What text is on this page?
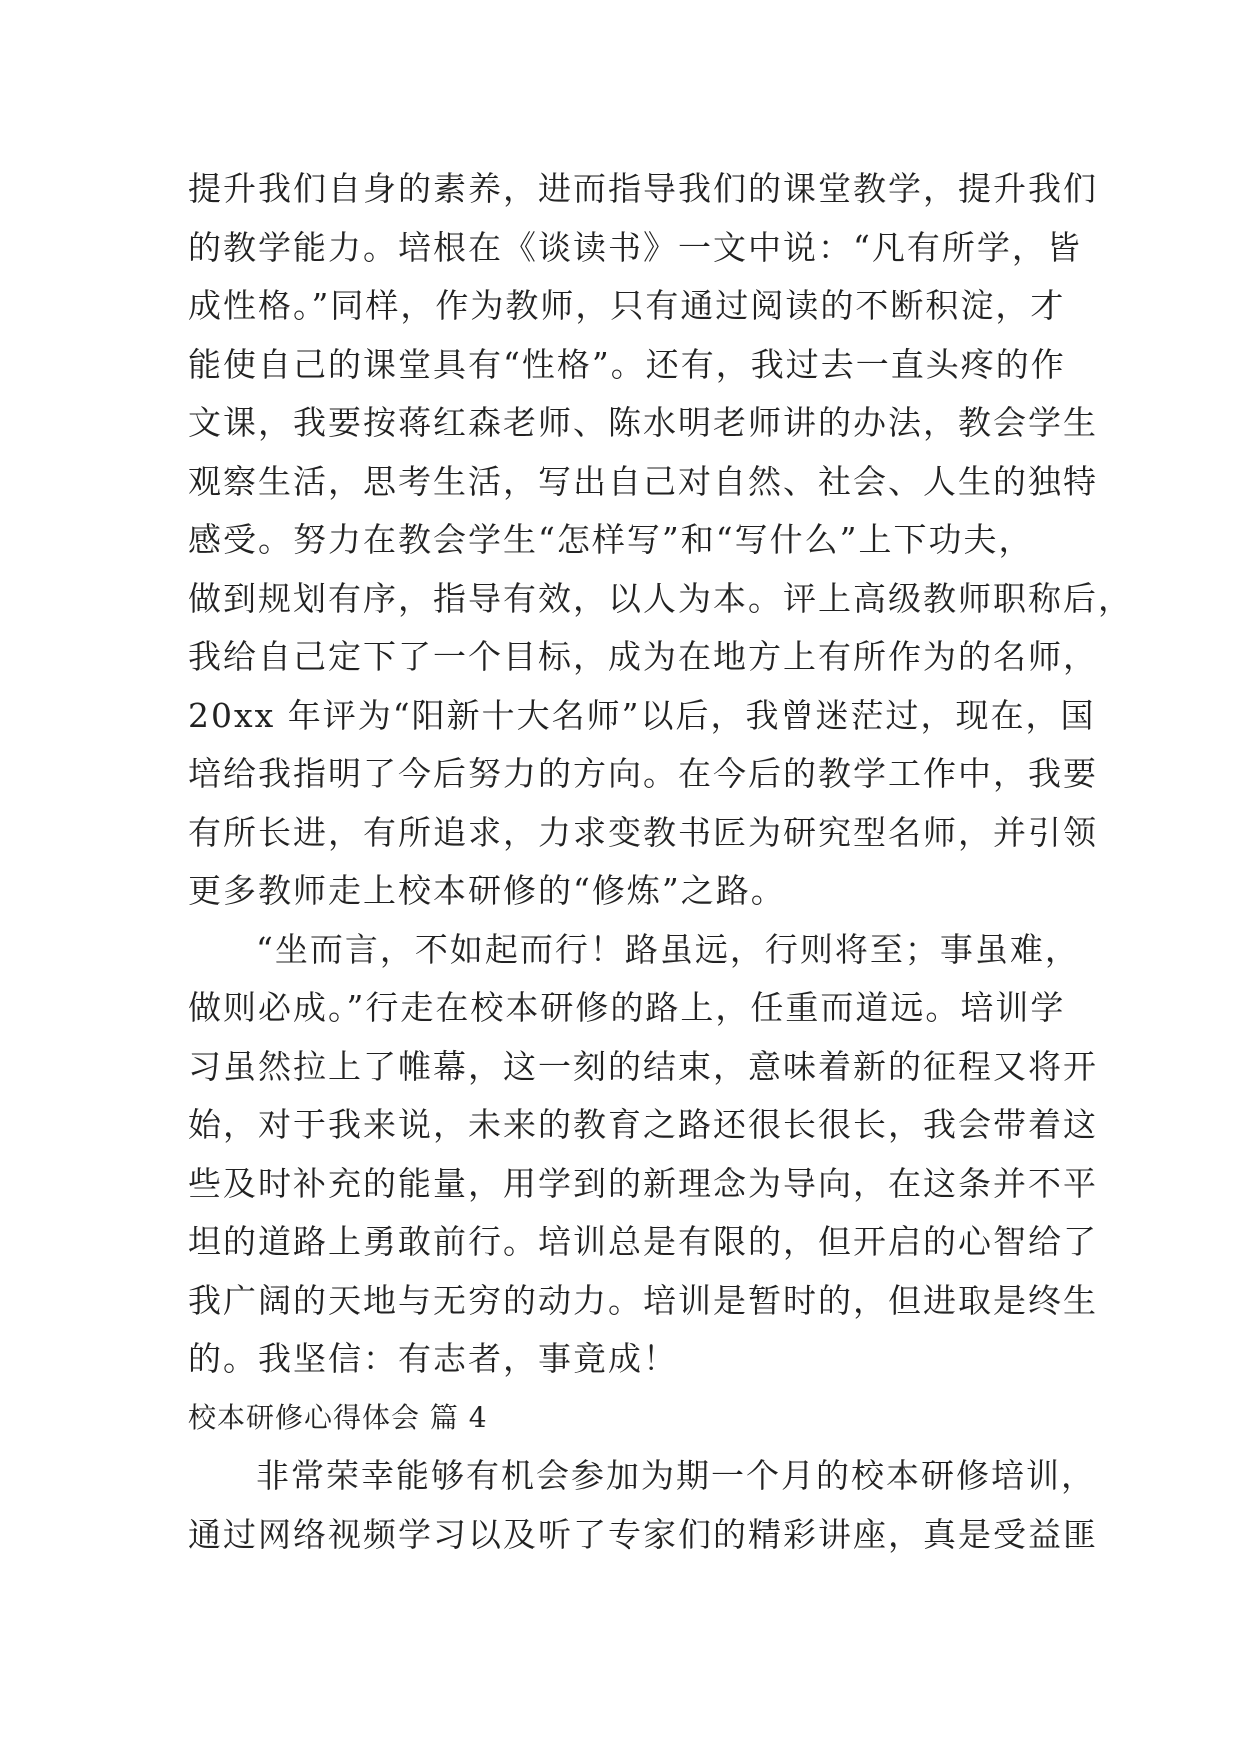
提升我们自身的素养，进而指导我们的课堂教学，提升我们
的教学能力。培根在《谈读书》一文中说：“凡有所学，皆
成性格。”同样，作为教师，只有通过阅读的不断积淀，才
能使自己的课堂具有“性格”。还有，我过去一直头疼的作
文课，我要按蒋红森老师、陈水明老师讲的办法，教会学生
观察生活，思考生活，写出自己对自然、社会、人生的独特
感受。努力在教会学生“怎样写”和“写什么”上下功夫，
做到规划有序，指导有效，以人为本。评上高级教师职称后，
我给自己定下了一个目标，成为在地方上有所作为的名师，
20xx 年评为“阳新十大名师”以后，我曾迷茫过，现在，国
培给我指明了今后努力的方向。在今后的教学工作中，我要
有所长进，有所追求，力求变教书匠为研究型名师，并引领
更多教师走上校本研修的“修炼”之路。
“坐而言，不如起而行！路虽远，行则将至；事虽难，
做则必成。”行走在校本研修的路上，任重而道远。培训学
习虽然拉上了帷幕，这一刻的结束，意味着新的征程又将开
始，对于我来说，未来的教育之路还很长很长，我会带着这
些及时补充的能量，用学到的新理念为导向，在这条并不平
坦的道路上勇敢前行。培训总是有限的，但开启的心智给了
我广阔的天地与无穷的动力。培训是暂时的，但进取是终生
的。我坚信：有志者，事竟成！
校本研修心得体会 篇 4
非常荣幸能够有机会参加为期一个月的校本研修培训，
通过网络视频学习以及听了专家们的精彩讲座，真是受益匪
